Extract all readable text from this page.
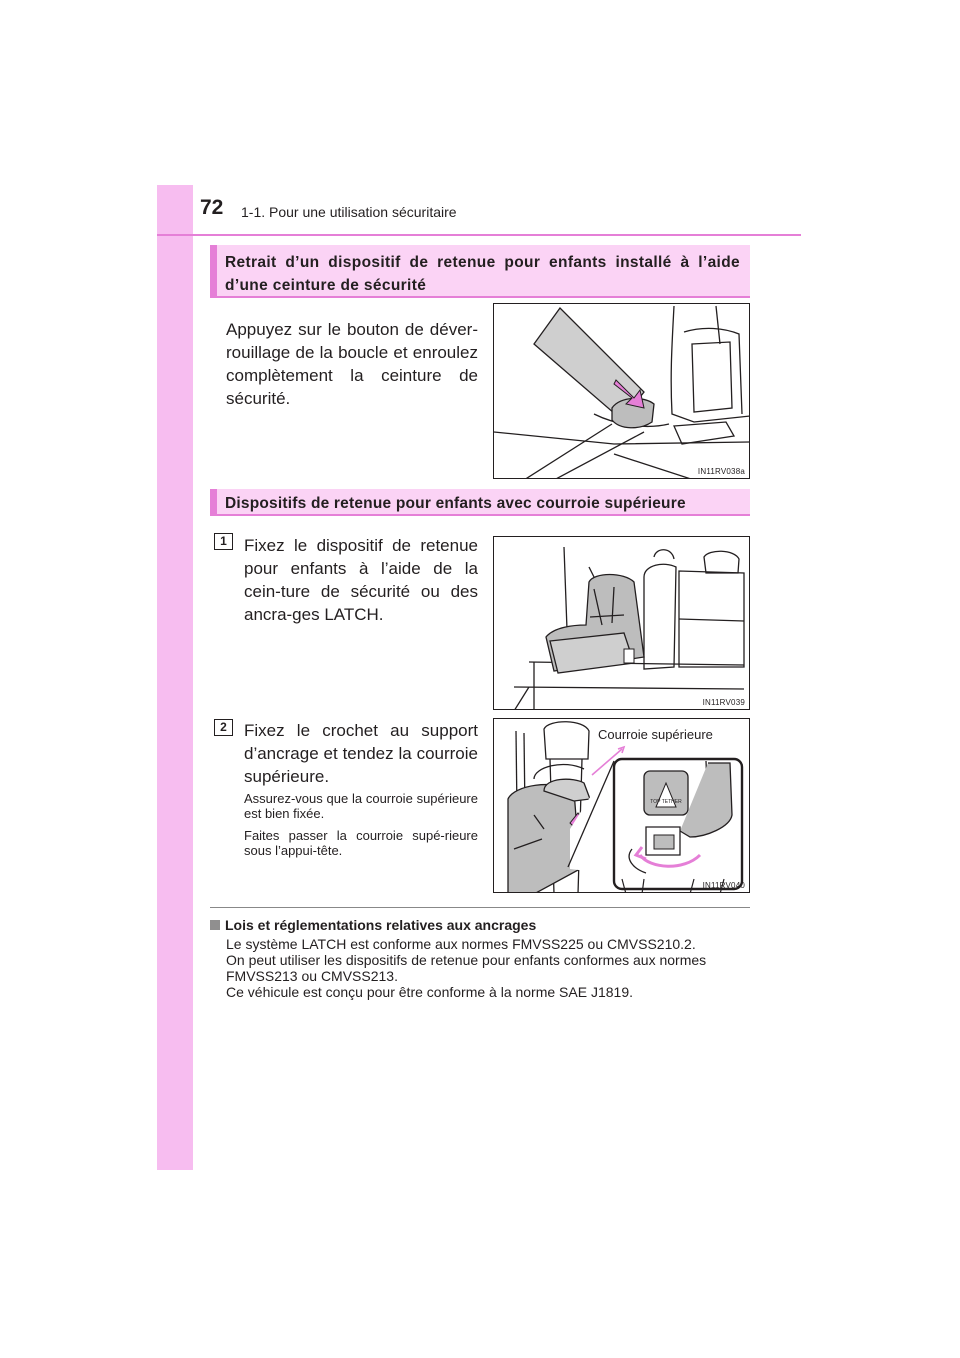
72 1-1. Pour une utilisation sécuritaire
Retrait d’un dispositif de retenue pour enfants installé à l’aide d’une ceinture de sécurité
Appuyez sur le bouton de déver-rouillage de la boucle et enroulez complètement la ceinture de sécurité.
IN11RV038a
Dispositifs de retenue pour enfants avec courroie supérieure
1	Fixez le dispositif de retenue pour enfants à l’aide de la cein-ture de sécurité ou des ancra-ges LATCH.
IN11RV039
2	Fixez le crochet au support d’ancrage et tendez la courroie supérieure.
Assurez-vous que la courroie supérieure est bien fixée.
Faites passer la courroie supé-rieure sous l’appui-tête.
TOP TETHER
Courroie supérieure
IN11RV040
Lois et réglementations relatives aux ancrages
Le système LATCH est conforme aux normes FMVSS225 ou CMVSS210.2.
On peut utiliser les dispositifs de retenue pour enfants conformes aux normes FMVSS213 ou CMVSS213.
Ce véhicule est conçu pour être conforme à la norme SAE J1819.
